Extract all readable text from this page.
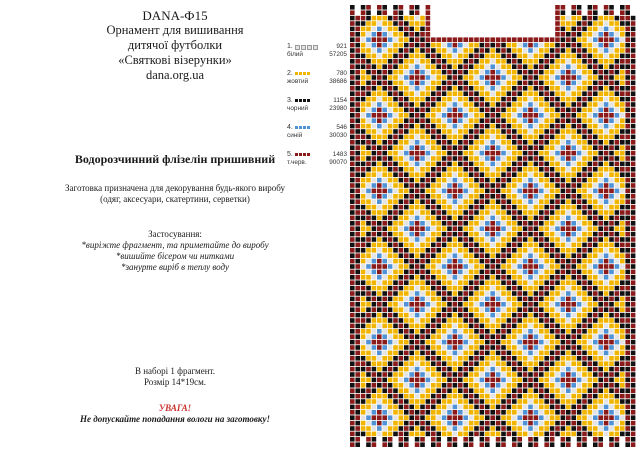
DANA-Ф15
Орнамент для вишивання
дитячої футболки
«Святкові візерунки»
dana.org.ua
1.	921
білий	57205
2.	780
жовтий	38686
3.	1154
чорний	23980
4.	546
синій	30030
5.	1483
т.черв.	90070
Водорозчинний флізелін пришивний
Заготовка призначена для декорування будь-якого виробу
(одяг, аксесуари, скатертини, серветки)
Застосування:
*виріжте фрагмент, та приметайте до виробу
*вишийте бісером чи нитками
*занурте виріб в теплу воду
В наборі 1 фрагмент.
Розмір 14*19см.
УВАГА!
Не допускайте попадання вологи на заготовку!
